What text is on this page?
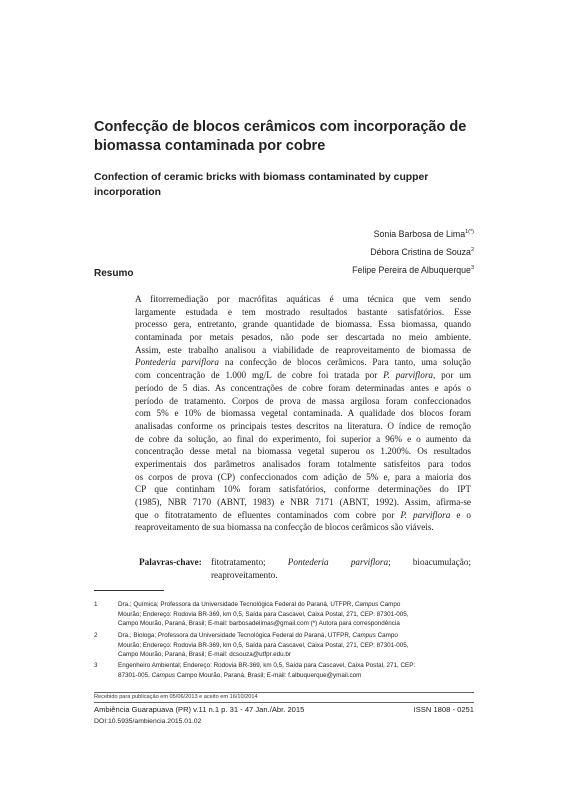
Confecção de blocos cerâmicos com incorporação de biomassa contaminada por cobre
Confection of ceramic bricks with biomass contaminated by cupper incorporation
Sonia Barbosa de Lima$^{1(*)}$
Débora Cristina de Souza$^2$
Felipe Pereira de Albuquerque$^3$
Resumo
A fitorremediação por macrófitas aquáticas é uma técnica que vem sendo
largamente estudada e tem mostrado resultados bastante satisfatórios. Esse
processo gera, entretanto, grande quantidade de biomassa. Essa biomassa, quando
contaminada por metais pesados, não pode ser descartada no meio ambiente.
Assim, este trabalho analisou a viabilidade de reaproveitamento de biomassa de
Pontederia parviflora na confecção de blocos cerâmicos. Para tanto, uma solução
com concentração de 1.000 mg/L de cobre foi tratada por P. parviflora, por um
período de 5 dias. As concentrações de cobre foram determinadas antes e após o
período de tratamento. Corpos de prova de massa argilosa foram confeccionados
com 5% e 10% de biomassa vegetal contaminada. A qualidade dos blocos foram
analisadas conforme os principais testes descritos na literatura. O índice de remoção
de cobre da solução, ao final do experimento, foi superior a 96% e o aumento da
concentração desse metal na biomassa vegetal superou os 1.200%. Os resultados
experimentais dos parâmetros analisados foram totalmente satisfeitos para todos
os corpos de prova (CP) confeccionados com adição de 5% e, para a maioria dos
CP que continham 10% foram satisfatórios, conforme determinações do IPT
(1985), NBR 7170 (ABNT, 1983) e NBR 7171 (ABNT, 1992). Assim, afirma-se
que o fitotratamento de efluentes contaminados com cobre por P. parviflora e o
reaproveitamento de sua biomassa na confecção de blocos cerâmicos são viáveis.
Palavras-chave: fitotratamento; Pontederia parviflora; bioacumulação;
reaproveitamento.
1	Dra.; Química; Professora da Universidade Tecnológica Federal do Paraná, UTFPR, Campus Campo
Mourão; Endereço: Rodovia BR-369, km 0,5, Saída para Cascavel, Caixa Postal, 271, CEP: 87301-005,
Campo Mourão, Paraná, Brasil; E-mail: barbosadelimas@gmail.com (*) Autora para correspondência
2	Dra.; Biologa; Professora da Universidade Tecnológica Federal do Paraná, UTFPR, Campus Campo
Mourão; Endereço: Rodovia BR-369, km 0,5, Saída para Cascavel, Caixa Postal, 271, CEP: 87301-005,
Campo Mourão, Paraná, Brasil; E-mail: dcsouza@utfpr.edu.br
3	Engenheiro Ambiental; Endereço: Rodovia BR-369, km 0,5, Saída para Cascavel, Caixa Postal, 271, CEP:
87301-005, Campus Campo Mourão, Paraná, Brasil; E-mail: f.albuquerque@ymail.com
Recebido para publicação em 05/06/2013 e aceito em 16/10/2014
Ambiência Guarapuava (PR) v.11 n.1 p. 31 - 47 Jan./Abr. 2015	ISSN 1808 - 0251
DOI:10.5935/ambiencia.2015.01.02
